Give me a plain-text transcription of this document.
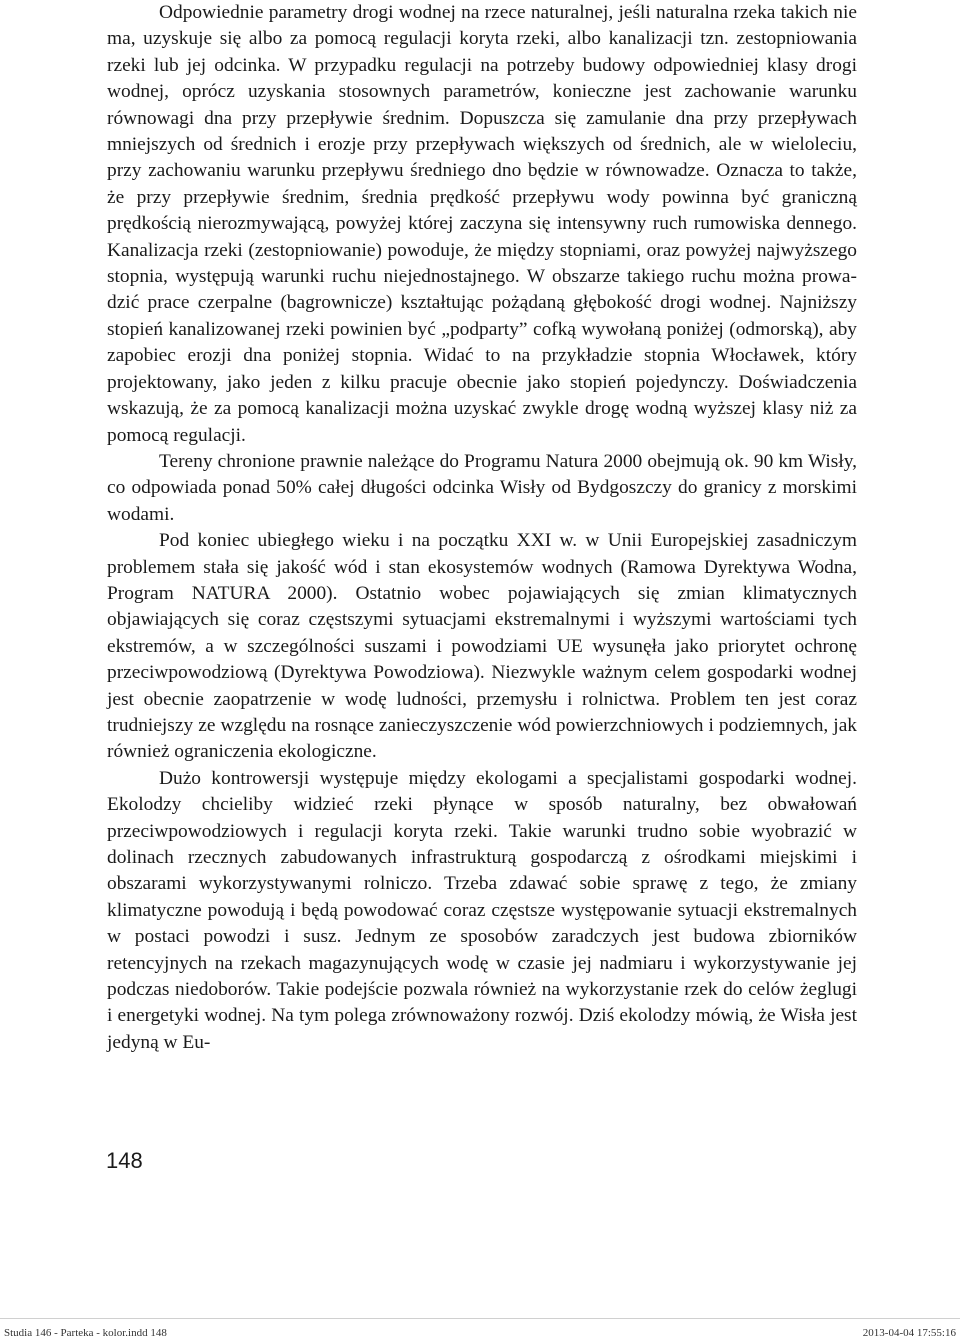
Odpowiednie parametry drogi wodnej na rzece naturalnej, jeśli naturalna rzeka takich nie ma, uzyskuje się albo za pomocą regulacji koryta rzeki, albo kanalizacji tzn. zestopniowania rzeki lub jej odcinka. W przypadku regulacji na potrzeby budowy odpowiedniej klasy drogi wodnej, oprócz uzyskania stosownych parametrów, konieczne jest zachowanie warunku równowagi dna przy przepływie średnim. Dopuszcza się zamulanie dna przy przepływach mniejszych od średnich i erozje przy przepływach większych od średnich, ale w wieloleciu, przy zachowaniu warunku przepływu średniego dno będzie w równowadze. Oznacza to także, że przy przepływie średnim, średnia prędkość przepływu wody powinna być graniczną prędkością nierozmywającą, powyżej której zaczyna się intensywny ruch rumowiska dennego. Kanalizacja rzeki (zestopniowanie) powoduje, że między stopniami, oraz powyżej najwyższego stopnia, występują warunki ruchu niejednostajnego. W obszarze takiego ruchu można prowadzić prace czerpalne (bagrownicze) kształtując pożądaną głębokość drogi wodnej. Najniższy stopień kanalizowanej rzeki powinien być „podparty” cofką wywołaną poniżej (odmorską), aby zapobiec erozji dna poniżej stopnia. Widać to na przykładzie stopnia Włocławek, który projektowany, jako jeden z kilku pracuje obecnie jako stopień pojedynczy. Doświadczenia wskazują, że za pomocą kanalizacji można uzyskać zwykle drogę wodną wyższej klasy niż za pomocą regulacji.

Tereny chronione prawnie należące do Programu Natura 2000 obejmują ok. 90 km Wisły, co odpowiada ponad 50% całej długości odcinka Wisły od Bydgoszczy do granicy z morskimi wodami.

Pod koniec ubiegłego wieku i na początku XXI w. w Unii Europejskiej zasadniczym problemem stała się jakość wód i stan ekosystemów wodnych (Ramowa Dyrektywa Wodna, Program NATURA 2000). Ostatnio wobec pojawiających się zmian klimatycznych objawiających się coraz częstszymi sytuacjami ekstremalnymi i wyższymi wartościami tych ekstremów, a w szczególności suszami i powodziami UE wysunęła jako priorytet ochronę przeciwpowodziową (Dyrektywa Powodziowa). Niezwykle ważnym celem gospodarki wodnej jest obecnie zaopatrzenie w wodę ludności, przemysłu i rolnictwa. Problem ten jest coraz trudniejszy ze względu na rosnące zanieczyszczenie wód powierzchniowych i podziemnych, jak również ograniczenia ekologiczne.

Dużo kontrowersji występuje między ekologami a specjalistami gospodarki wodnej. Ekolodzy chcieliby widzieć rzeki płynące w sposób naturalny, bez obwałowań przeciwpowodziowych i regulacji koryta rzeki. Takie warunki trudno sobie wyobrazić w dolinach rzecznych zabudowanych infrastrukturą gospodarczą z ośrodkami miejskimi i obszarami wykorzystywanymi rolniczo. Trzeba zdawać sobie sprawę z tego, że zmiany klimatyczne powodują i będą powodować coraz częstsze występowanie sytuacji ekstremalnych w postaci powodzi i susz. Jednym ze sposobów zaradczych jest budowa zbiorników retencyjnych na rzekach magazynujących wodę w czasie jej nadmiaru i wykorzystywanie jej podczas niedoborów. Takie podejście pozwala również na wykorzystanie rzek do celów żeglugi i energetyki wodnej. Na tym polega zrównoważony rozwój. Dziś ekolodzy mówią, że Wisła jest jedyną w Eu-

148
Studia 146 - Parteka - kolor.indd 148	2013-04-04 17:55:16
